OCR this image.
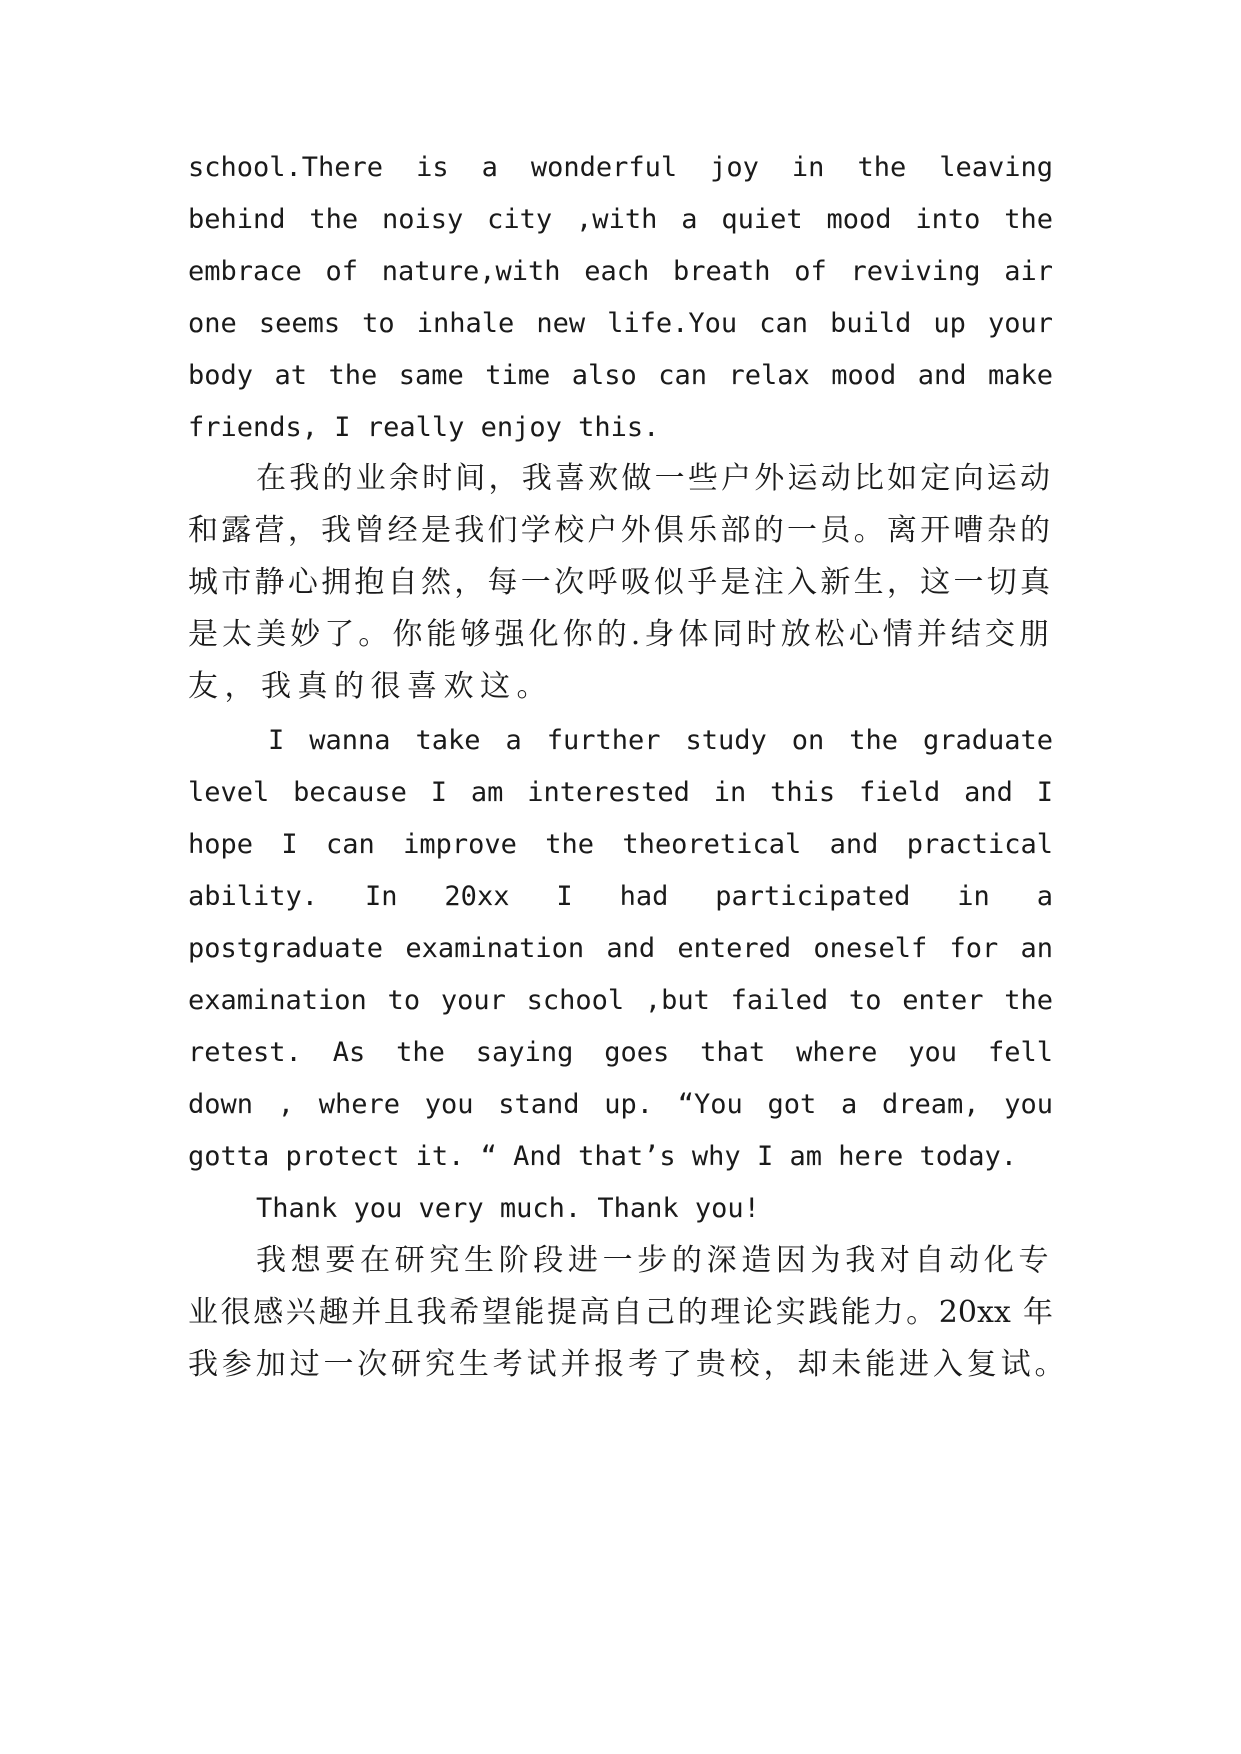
school.There is a wonderful joy in the leaving
behind the noisy city ,with a quiet mood into the
embrace of nature,with each breath of reviving air
one seems to inhale new life.You can build up your
body at the same time also can relax mood and make
friends, I really enjoy this.
在我的业余时间，我喜欢做一些户外运动比如定向运动
和露营，我曾经是我们学校户外俱乐部的一员。离开嘈杂的
城市静心拥抱自然，每一次呼吸似乎是注入新生，这一切真
是太美妙了。你能够强化你的.身体同时放松心情并结交朋
友，我真的很喜欢这。
I wanna take a further study on the graduate
level because I am interested in this field and I
hope I can improve the theoretical and practical
ability. In 20xx I had participated in a
postgraduate examination and entered oneself for an
examination to your school ,but failed to enter the
retest. As the saying goes that where you fell
down , where you stand up. “You got a dream, you
gotta protect it. “ And that’s why I am here today.
Thank you very much. Thank you!
我想要在研究生阶段进一步的深造因为我对自动化专
业很感兴趣并且我希望能提高自己的理论实践能力。20xx 年
我参加过一次研究生考试并报考了贵校，却未能进入复试。
